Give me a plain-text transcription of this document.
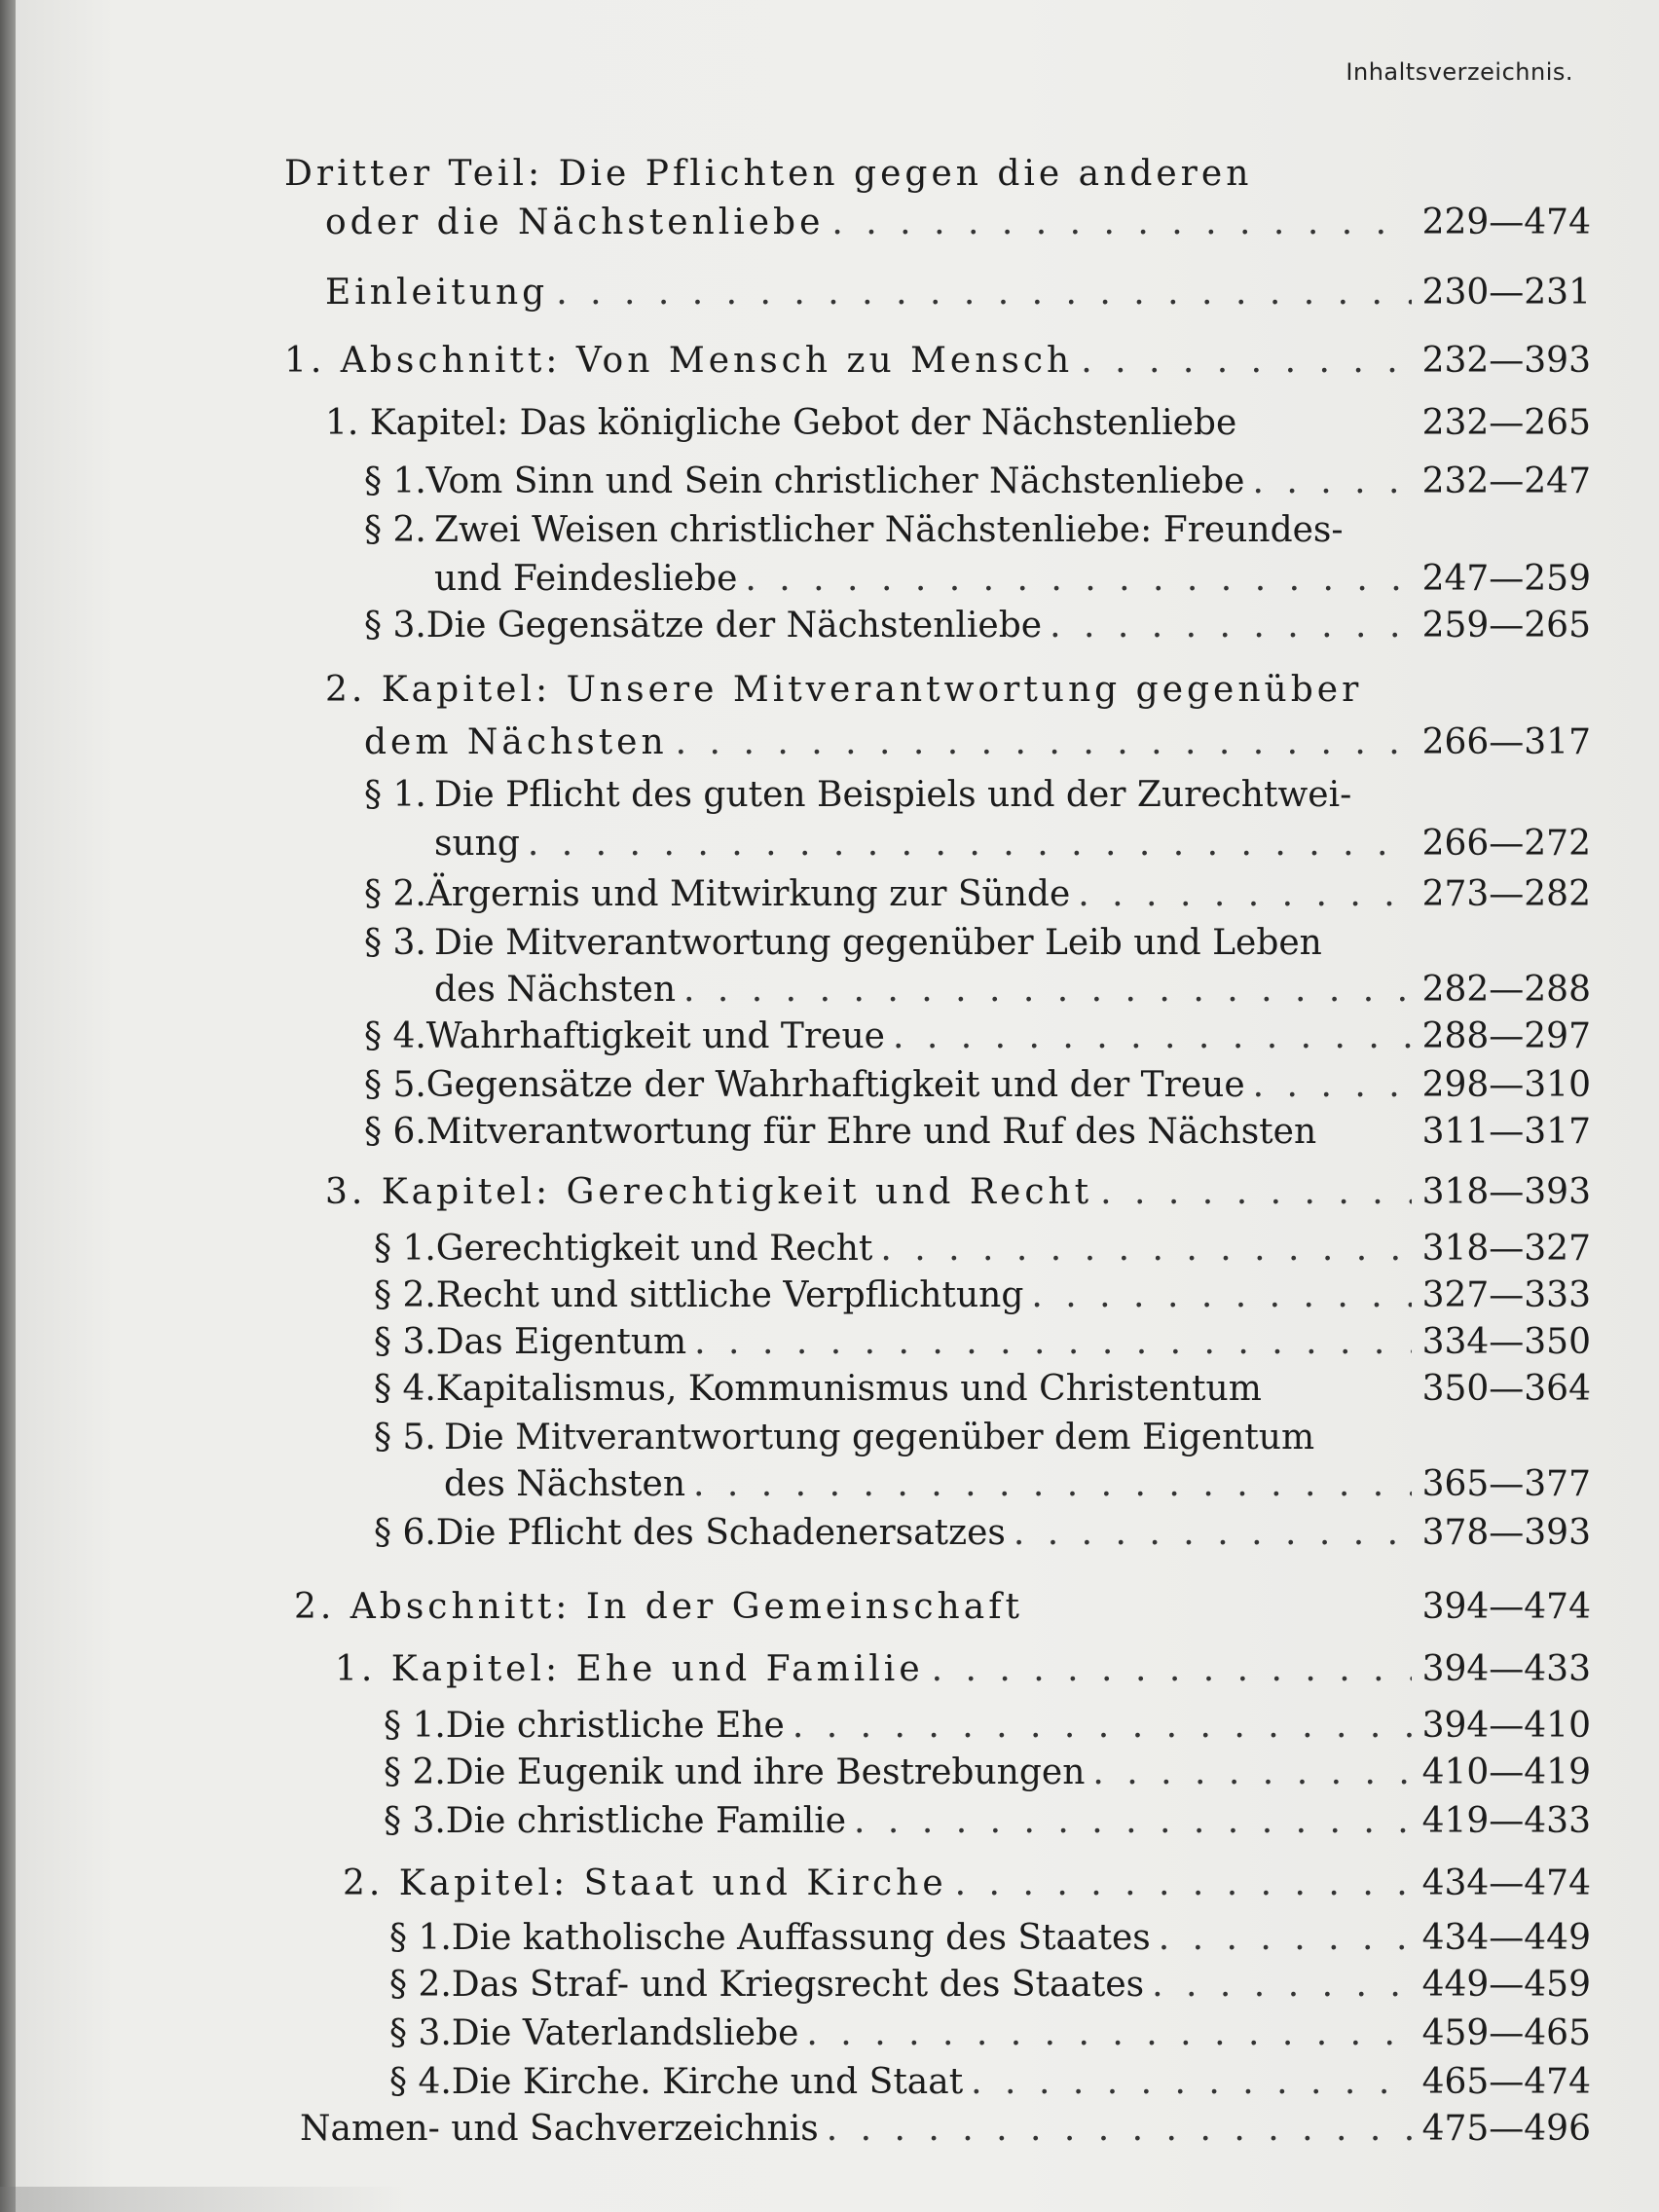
Inhaltsverzeichnis.
Dritter Teil: Die Pflichten gegen die anderen
oder die Nächstenliebe . . .	229—474
Einleitung . . .	230—231
1. Abschnitt: Von Mensch zu Mensch . . .	232—393
1. Kapitel: Das königliche Gebot der Nächstenliebe	232—265
§ 1. Vom Sinn und Sein christlicher Nächstenliebe . . .	232—247
§ 2. Zwei Weisen christlicher Nächstenliebe: Freundes-
und Feindesliebe . . .	247—259
§ 3. Die Gegensätze der Nächstenliebe . . .	259—265
2. Kapitel: Unsere Mitverantwortung gegenüber
dem Nächsten . . .	266—317
§ 1. Die Pflicht des guten Beispiels und der Zurechtwei-
sung . . .	266—272
§ 2. Ärgernis und Mitwirkung zur Sünde . . .	273—282
§ 3. Die Mitverantwortung gegenüber Leib und Leben
des Nächsten . . .	282—288
§ 4. Wahrhaftigkeit und Treue . . .	288—297
§ 5. Gegensätze der Wahrhaftigkeit und der Treue . . .	298—310
§ 6. Mitverantwortung für Ehre und Ruf des Nächsten	311—317
3. Kapitel: Gerechtigkeit und Recht . . .	318—393
§ 1. Gerechtigkeit und Recht . . .	318—327
§ 2. Recht und sittliche Verpflichtung . . .	327—333
§ 3. Das Eigentum . . .	334—350
§ 4. Kapitalismus, Kommunismus und Christentum	350—364
§ 5. Die Mitverantwortung gegenüber dem Eigentum
des Nächsten . . .	365—377
§ 6. Die Pflicht des Schadenersatzes . . .	378—393
2. Abschnitt: In der Gemeinschaft	394—474
1. Kapitel: Ehe und Familie . . .	394—433
§ 1. Die christliche Ehe . . .	394—410
§ 2. Die Eugenik und ihre Bestrebungen . . .	410—419
§ 3. Die christliche Familie . . .	419—433
2. Kapitel: Staat und Kirche . . .	434—474
§ 1. Die katholische Auffassung des Staates . . .	434—449
§ 2. Das Straf- und Kriegsrecht des Staates . . .	449—459
§ 3. Die Vaterlandsliebe . . .	459—465
§ 4. Die Kirche. Kirche und Staat . . .	465—474
Namen- und Sachverzeichnis . . .	475—496
